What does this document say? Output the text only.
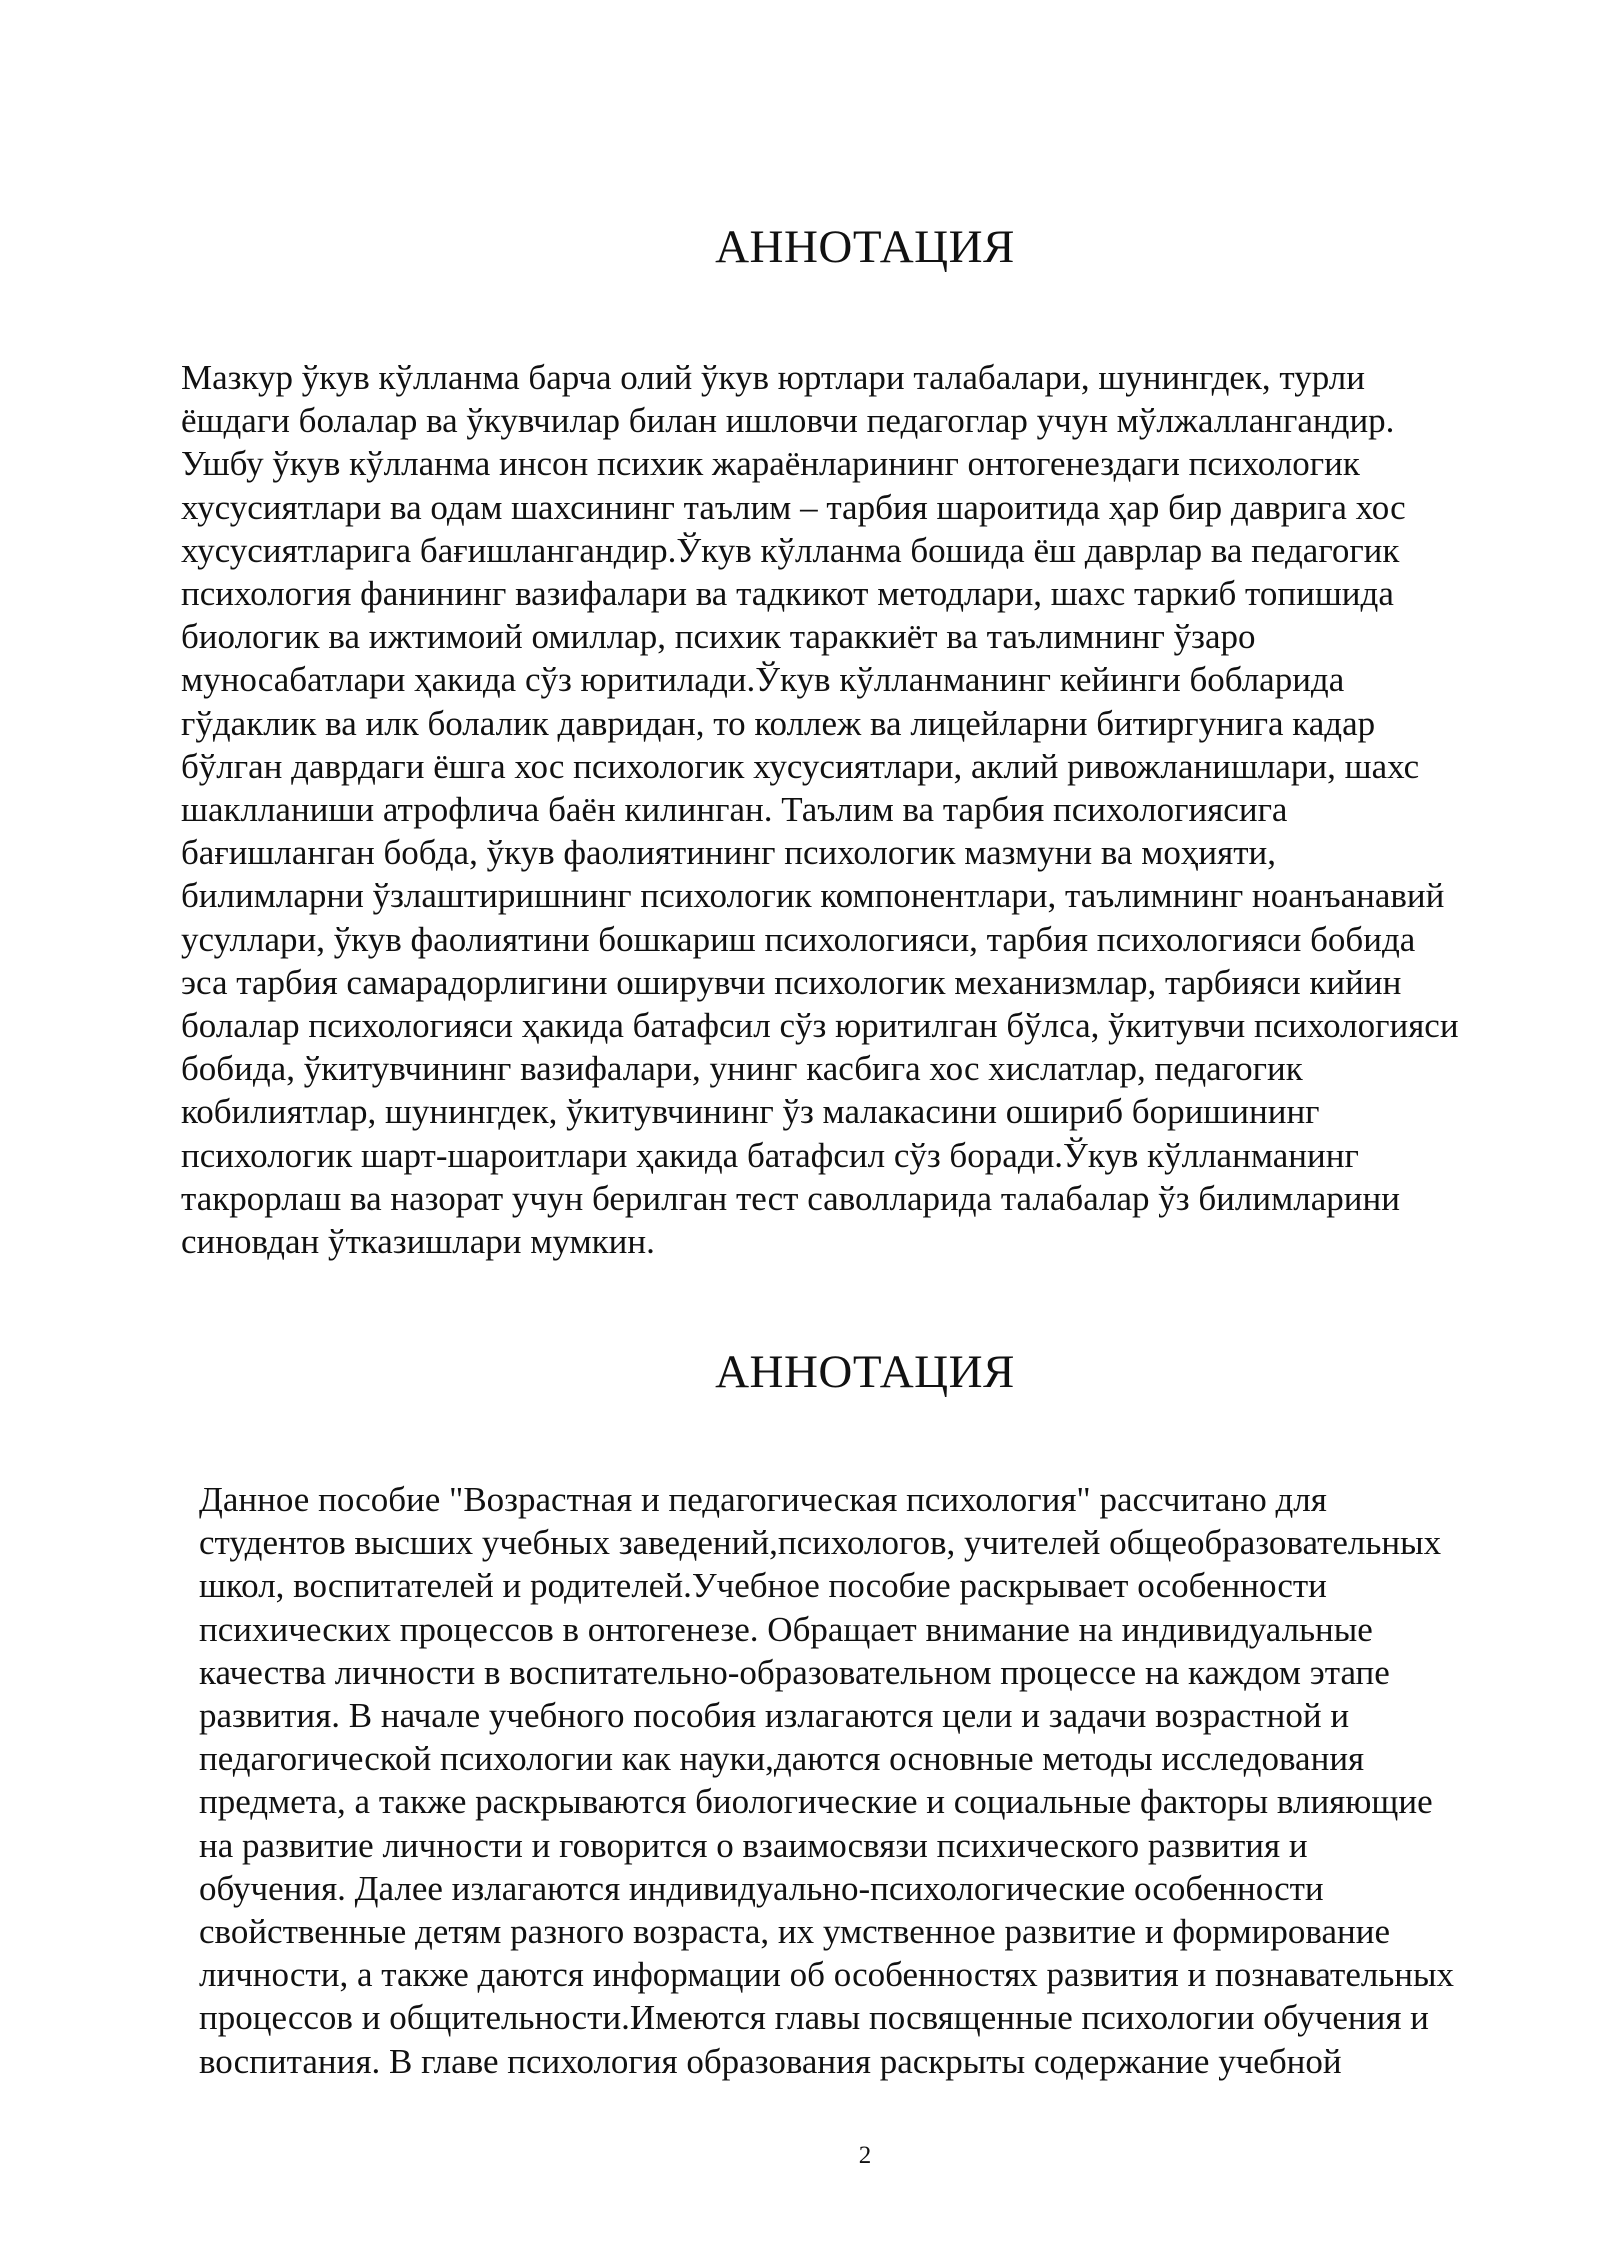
АННОТАЦИЯ

Мазкур ўкув кўлланма барча олий ўкув юртлари талабалари, шунингдек, турли
ёшдаги болалар ва ўкувчилар билан ишловчи педагоглар учун мўлжаллангандир.
Ушбу ўкув кўлланма инсон психик жараёнларининг онтогенездаги психологик
хусусиятлари ва одам шахсининг таълим – тарбия шароитида ҳар бир даврига хос
хусусиятларига бағишлангандир.Ўкув кўлланма бошида ёш даврлар ва педагогик
психология фанининг вазифалари ва тадкикот методлари, шахс таркиб топишида
биологик ва ижтимоий омиллар, психик тараккиёт ва таълимнинг ўзаро
муносабатлари ҳакида сўз юритилади.Ўкув кўлланманинг кейинги бобларида
гўдаклик ва илк болалик давридан, то коллеж ва лицейларни битиргунига кадар
бўлган даврдаги ёшга хос психологик хусусиятлари, аклий ривожланишлари, шахс
шаклланиши атрофлича баён килинган. Таълим ва тарбия психологиясига
бағишланган бобда, ўкув фаолиятининг психологик мазмуни ва моҳияти,
билимларни ўзлаштиришнинг психологик компонентлари, таълимнинг ноанъанавий
усуллари, ўкув фаолиятини бошкариш психологияси, тарбия психологияси бобида
эса тарбия самарадорлигини оширувчи психологик механизмлар, тарбияси кийин
болалар психологияси ҳакида батафсил сўз юритилган бўлса, ўкитувчи психологияси
бобида, ўкитувчининг вазифалари, унинг касбига хос хислатлар, педагогик
кобилиятлар, шунингдек, ўкитувчининг ўз малакасини ошириб боришининг
психологик шарт-шароитлари ҳакида батафсил сўз боради.Ўкув кўлланманинг
такрорлаш ва назорат учун берилган тест саволларида талабалар ўз билимларини
синовдан ўтказишлари мумкин.

АННОТАЦИЯ

Данное пособие "Возрастная и педагогическая психология" рассчитано для
студентов высших учебных заведений,психологов, учителей общеобразовательных
школ, воспитателей и родителей.Учебное пособие раскрывает особенности
психических процессов в онтогенезе. Обращает внимание на индивидуальные
качества личности в воспитательно-образовательном процессе на каждом этапе
развития. В начале учебного пособия излагаются цели и задачи возрастной и
педагогической психологии как науки,даются основные методы исследования
предмета, а также раскрываются биологические и социальные факторы влияющие
на развитие личности и говорится о взаимосвязи психического развития и
обучения. Далее излагаются индивидуально-психологические особенности
свойственные детям разного возраста, их умственное развитие и формирование
личности, а также даются информации об особенностях развития и познавательных
процессов и общительности.Имеются главы посвященные психологии обучения и
воспитания. В главе психология образования раскрыты содержание учебной

2
